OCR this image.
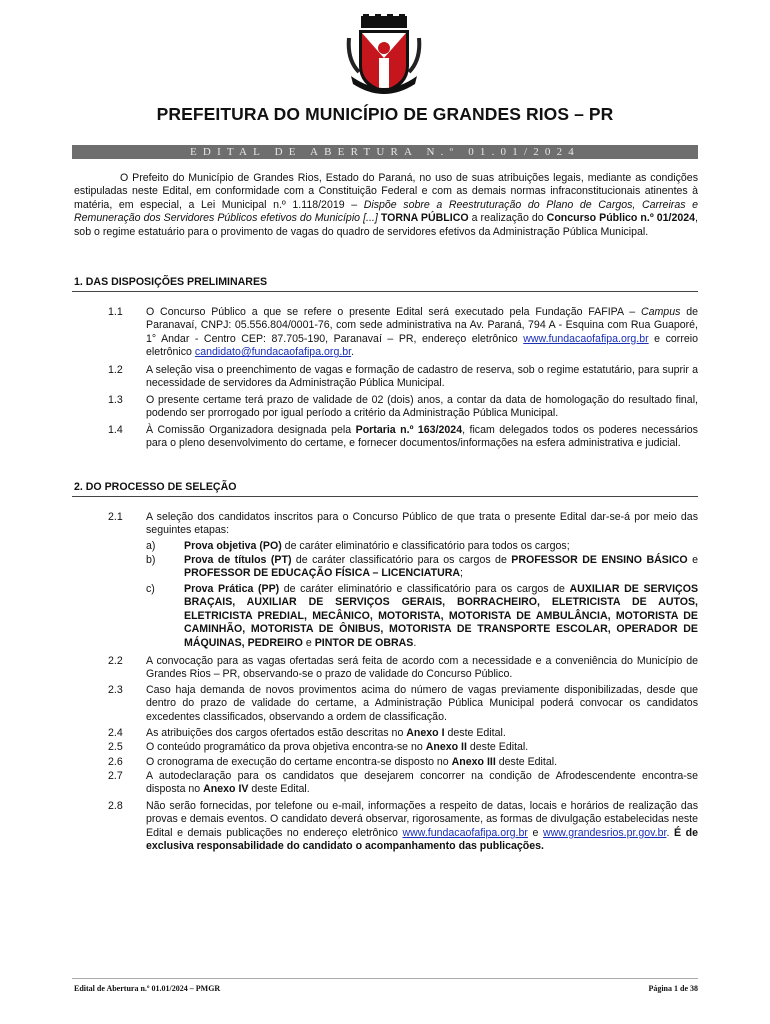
PREFEITURA DO MUNICÍPIO DE GRANDES RIOS – PR
EDITAL DE ABERTURA N.º 01.01/2024
O Prefeito do Município de Grandes Rios, Estado do Paraná, no uso de suas atribuições legais, mediante as condições estipuladas neste Edital, em conformidade com a Constituição Federal e com as demais normas infraconstitucionais atinentes à matéria, em especial, a Lei Municipal n.º 1.118/2019 – Dispõe sobre a Reestruturação do Plano de Cargos, Carreiras e Remuneração dos Servidores Públicos efetivos do Município [...] TORNA PÚBLICO a realização do Concurso Público n.º 01/2024, sob o regime estatuário para o provimento de vagas do quadro de servidores efetivos da Administração Pública Municipal.
1. DAS DISPOSIÇÕES PRELIMINARES
1.1 O Concurso Público a que se refere o presente Edital será executado pela Fundação FAFIPA – Campus de Paranavaí, CNPJ: 05.556.804/0001-76, com sede administrativa na Av. Paraná, 794 A - Esquina com Rua Guaporé, 1° Andar - Centro CEP: 87.705-190, Paranavaí – PR, endereço eletrônico www.fundacaofafipa.org.br e correio eletrônico candidato@fundacaofafipa.org.br.
1.2 A seleção visa o preenchimento de vagas e formação de cadastro de reserva, sob o regime estatutário, para suprir a necessidade de servidores da Administração Pública Municipal.
1.3 O presente certame terá prazo de validade de 02 (dois) anos, a contar da data de homologação do resultado final, podendo ser prorrogado por igual período a critério da Administração Pública Municipal.
1.4 À Comissão Organizadora designada pela Portaria n.º 163/2024, ficam delegados todos os poderes necessários para o pleno desenvolvimento do certame, e fornecer documentos/informações na esfera administrativa e judicial.
2. DO PROCESSO DE SELEÇÃO
2.1 A seleção dos candidatos inscritos para o Concurso Público de que trata o presente Edital dar-se-á por meio das seguintes etapas:
a)	Prova objetiva (PO) de caráter eliminatório e classificatório para todos os cargos;
b)	Prova de títulos (PT) de caráter classificatório para os cargos de PROFESSOR DE ENSINO BÁSICO e PROFESSOR DE EDUCAÇÃO FÍSICA – LICENCIATURA;
c)	Prova Prática (PP) de caráter eliminatório e classificatório para os cargos de AUXILIAR DE SERVIÇOS BRAÇAIS, AUXILIAR DE SERVIÇOS GERAIS, BORRACHEIRO, ELETRICISTA DE AUTOS, ELETRICISTA PREDIAL, MECÂNICO, MOTORISTA, MOTORISTA DE AMBULÂNCIA, MOTORISTA DE CAMINHÃO, MOTORISTA DE ÔNIBUS, MOTORISTA DE TRANSPORTE ESCOLAR, OPERADOR DE MÁQUINAS, PEDREIRO e PINTOR DE OBRAS.
2.2 A convocação para as vagas ofertadas será feita de acordo com a necessidade e a conveniência do Município de Grandes Rios – PR, observando-se o prazo de validade do Concurso Público.
2.3 Caso haja demanda de novos provimentos acima do número de vagas previamente disponibilizadas, desde que dentro do prazo de validade do certame, a Administração Pública Municipal poderá convocar os candidatos excedentes classificados, observando a ordem de classificação.
2.4 As atribuições dos cargos ofertados estão descritas no Anexo I deste Edital.
2.5 O conteúdo programático da prova objetiva encontra-se no Anexo II deste Edital.
2.6 O cronograma de execução do certame encontra-se disposto no Anexo III deste Edital.
2.7 A autodeclaração para os candidatos que desejarem concorrer na condição de Afrodescendente encontra-se disposta no Anexo IV deste Edital.
2.8 Não serão fornecidas, por telefone ou e-mail, informações a respeito de datas, locais e horários de realização das provas e demais eventos. O candidato deverá observar, rigorosamente, as formas de divulgação estabelecidas neste Edital e demais publicações no endereço eletrônico www.fundacaofafipa.org.br e www.grandesrios.pr.gov.br. É de exclusiva responsabilidade do candidato o acompanhamento das publicações.
Edital de Abertura n.º 01.01/2024 – PMGR	Página 1 de 38
